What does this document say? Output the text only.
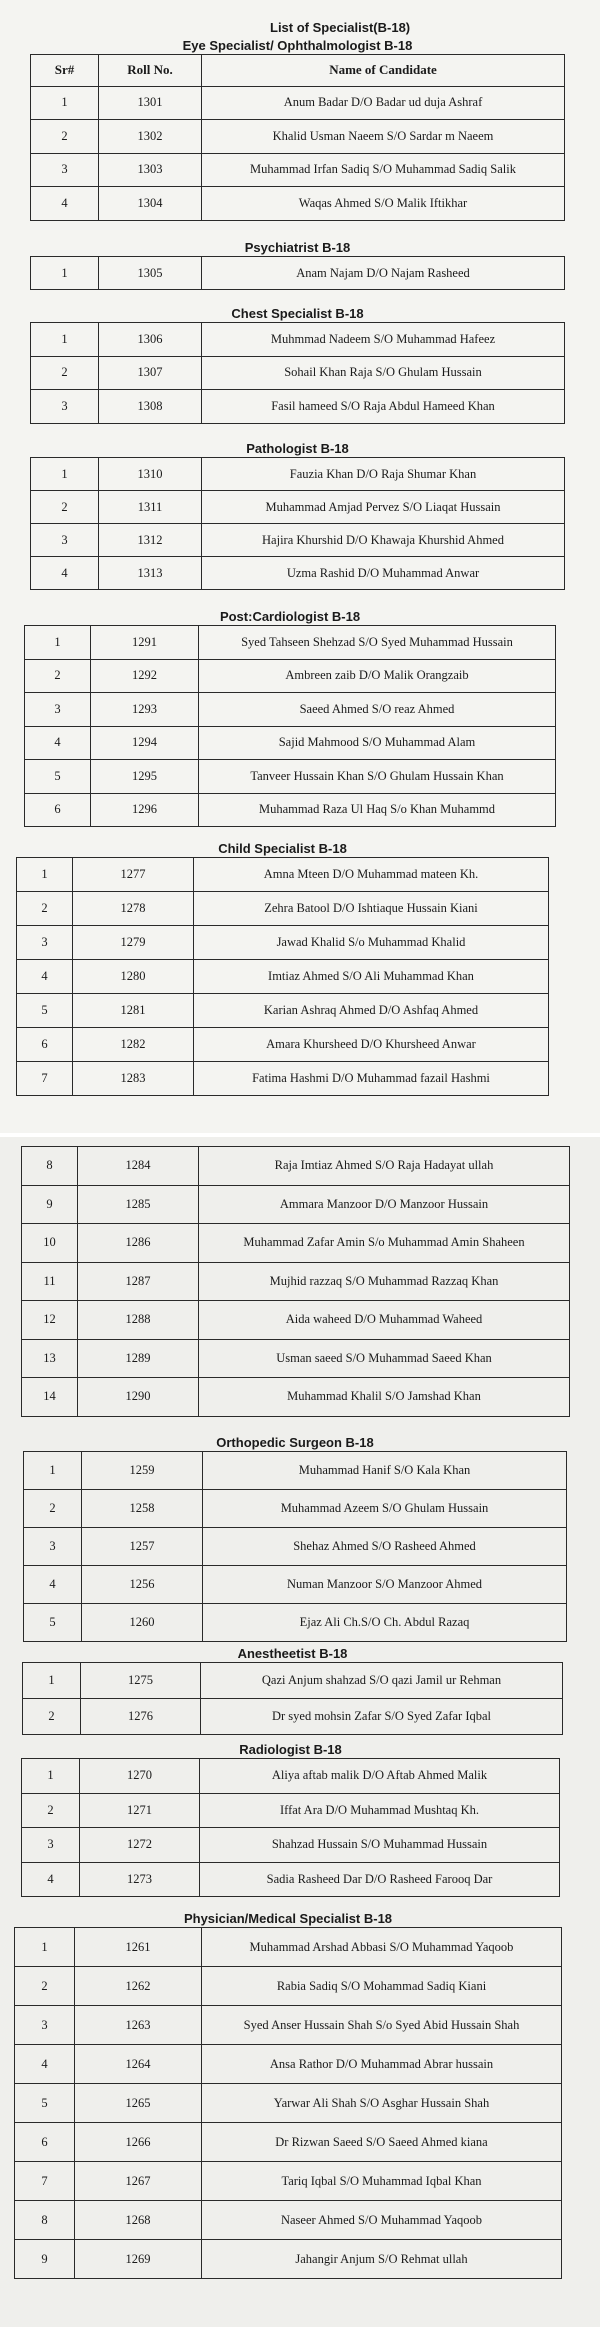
List of Specialist(B-18)
Eye Specialist/ Ophthalmologist B-18
Sr#	Roll No.	Name of Candidate
1	1301	Anum Badar D/O Badar ud duja Ashraf
2	1302	Khalid Usman Naeem S/O Sardar m Naeem
3	1303	Muhammad Irfan Sadiq S/O Muhammad Sadiq Salik
4	1304	Waqas Ahmed S/O Malik Iftikhar
Psychiatrist B-18
1	1305	Anam Najam D/O Najam Rasheed
Chest Specialist B-18
1	1306	Muhmmad Nadeem S/O Muhammad Hafeez
2	1307	Sohail Khan Raja S/O Ghulam Hussain
3	1308	Fasil hameed S/O Raja Abdul Hameed Khan
Pathologist B-18
1	1310	Fauzia Khan D/O Raja Shumar Khan
2	1311	Muhammad Amjad Pervez S/O Liaqat Hussain
3	1312	Hajira Khurshid D/O Khawaja Khurshid Ahmed
4	1313	Uzma Rashid D/O Muhammad Anwar
Post:Cardiologist B-18
1	1291	Syed Tahseen Shehzad S/O Syed Muhammad Hussain
2	1292	Ambreen zaib D/O Malik Orangzaib
3	1293	Saeed Ahmed S/O reaz Ahmed
4	1294	Sajid Mahmood S/O Muhammad Alam
5	1295	Tanveer Hussain Khan S/O Ghulam Hussain Khan
6	1296	Muhammad Raza Ul Haq S/o Khan Muhammd
Child Specialist B-18
1	1277	Amna Mteen D/O Muhammad mateen Kh.
2	1278	Zehra Batool D/O Ishtiaque Hussain Kiani
3	1279	Jawad Khalid S/o Muhammad Khalid
4	1280	Imtiaz Ahmed S/O Ali Muhammad Khan
5	1281	Karian Ashraq Ahmed D/O Ashfaq Ahmed
6	1282	Amara Khursheed D/O Khursheed Anwar
7	1283	Fatima Hashmi D/O Muhammad fazail Hashmi
8	1284	Raja Imtiaz Ahmed S/O Raja Hadayat ullah
9	1285	Ammara Manzoor D/O Manzoor Hussain
10	1286	Muhammad Zafar Amin S/o Muhammad Amin Shaheen
11	1287	Mujhid razzaq S/O Muhammad Razzaq Khan
12	1288	Aida waheed D/O Muhammad Waheed
13	1289	Usman saeed S/O Muhammad Saeed Khan
14	1290	Muhammad Khalil S/O Jamshad Khan
Orthopedic Surgeon B-18
1	1259	Muhammad Hanif S/O Kala Khan
2	1258	Muhammad Azeem S/O Ghulam Hussain
3	1257	Shehaz Ahmed S/O Rasheed Ahmed
4	1256	Numan Manzoor S/O Manzoor Ahmed
5	1260	Ejaz Ali Ch.S/O Ch. Abdul Razaq
Anestheetist B-18
1	1275	Qazi Anjum shahzad S/O qazi Jamil ur Rehman
2	1276	Dr syed mohsin Zafar S/O Syed Zafar Iqbal
Radiologist B-18
1	1270	Aliya aftab malik D/O Aftab Ahmed Malik
2	1271	Iffat Ara D/O Muhammad Mushtaq Kh.
3	1272	Shahzad Hussain S/O Muhammad Hussain
4	1273	Sadia Rasheed Dar D/O Rasheed Farooq Dar
Physician/Medical Specialist B-18
1	1261	Muhammad Arshad Abbasi S/O Muhammad Yaqoob
2	1262	Rabia Sadiq S/O Mohammad Sadiq Kiani
3	1263	Syed Anser Hussain Shah S/o Syed Abid Hussain Shah
4	1264	Ansa Rathor D/O Muhammad Abrar hussain
5	1265	Yarwar Ali Shah S/O Asghar Hussain Shah
6	1266	Dr Rizwan Saeed S/O Saeed Ahmed kiana
7	1267	Tariq Iqbal S/O Muhammad Iqbal Khan
8	1268	Naseer Ahmed S/O Muhammad Yaqoob
9	1269	Jahangir Anjum S/O Rehmat ullah
